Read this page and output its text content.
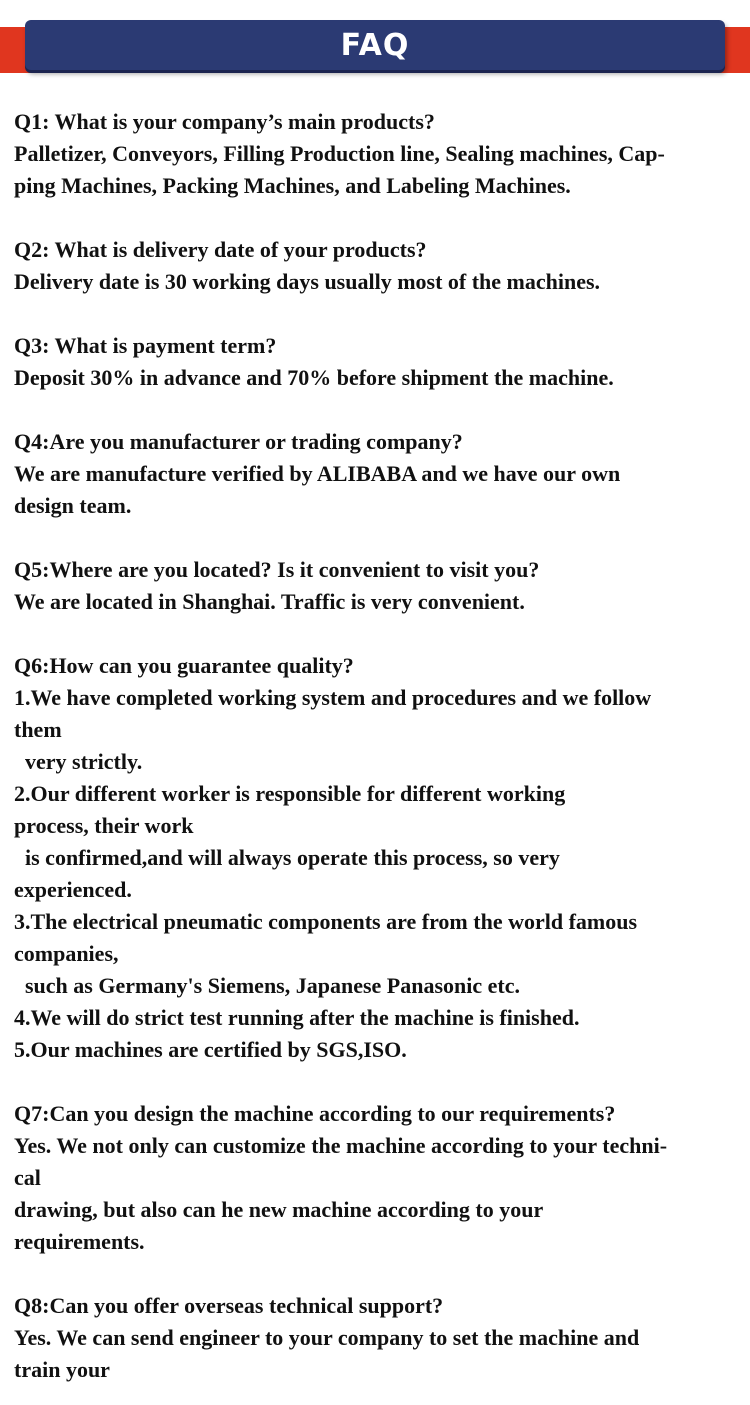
FAQ
Q1: What is your company’s main products?
Palletizer, Conveyors, Filling Production line, Sealing machines, Cap-
ping Machines, Packing Machines, and Labeling Machines.
Q2: What is delivery date of your products?
Delivery date is 30 working days usually most of the machines.
Q3: What is payment term?
Deposit 30% in advance and 70% before shipment the machine.
Q4:Are you manufacturer or trading company?
We are manufacture verified by ALIBABA and we have our own
design team.
Q5:Where are you located? Is it convenient to visit you?
We are located in Shanghai. Traffic is very convenient.
Q6:How can you guarantee quality?
1.We have completed working system and procedures and we follow
them
very strictly.
2.Our different worker is responsible for different working
process, their work
is confirmed,and will always operate this process, so very
experienced.
3.The electrical pneumatic components are from the world famous
companies,
such as Germany's Siemens, Japanese Panasonic etc.
4.We will do strict test running after the machine is finished.
5.Our machines are certified by SGS,ISO.
Q7:Can you design the machine according to our requirements?
Yes. We not only can customize the machine according to your techni-
cal
drawing, but also can he new machine according to your
requirements.
Q8:Can you offer overseas technical support?
Yes. We can send engineer to your company to set the machine and
train your
